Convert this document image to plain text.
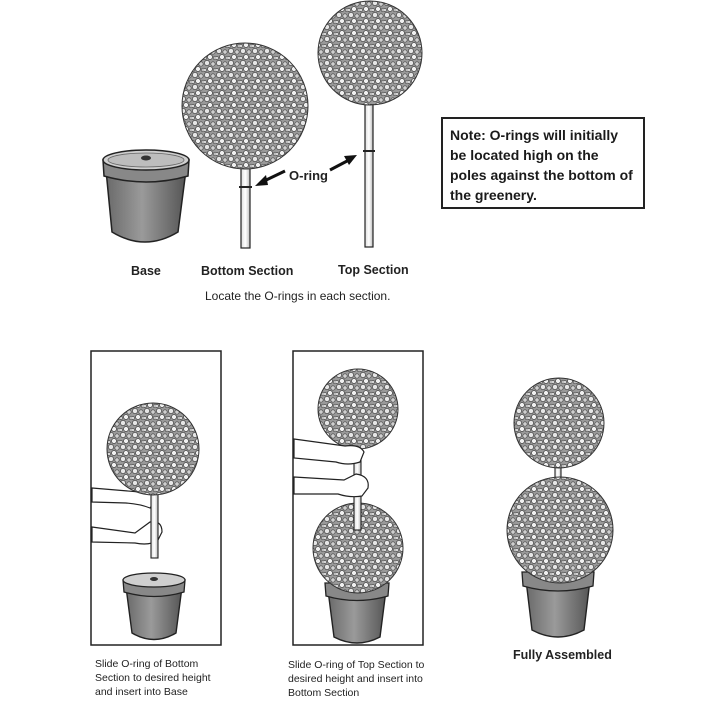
Base	Bottom Section	Top Section
O-ring
Locate the O-rings in each section.
Note: O-rings will initially be located high on the poles against the bottom of the greenery.
Slide O-ring of Bottom Section to desired height and insert into Base
Slide O-ring of Top Section to desired height and insert into Bottom Section
Fully Assembled
